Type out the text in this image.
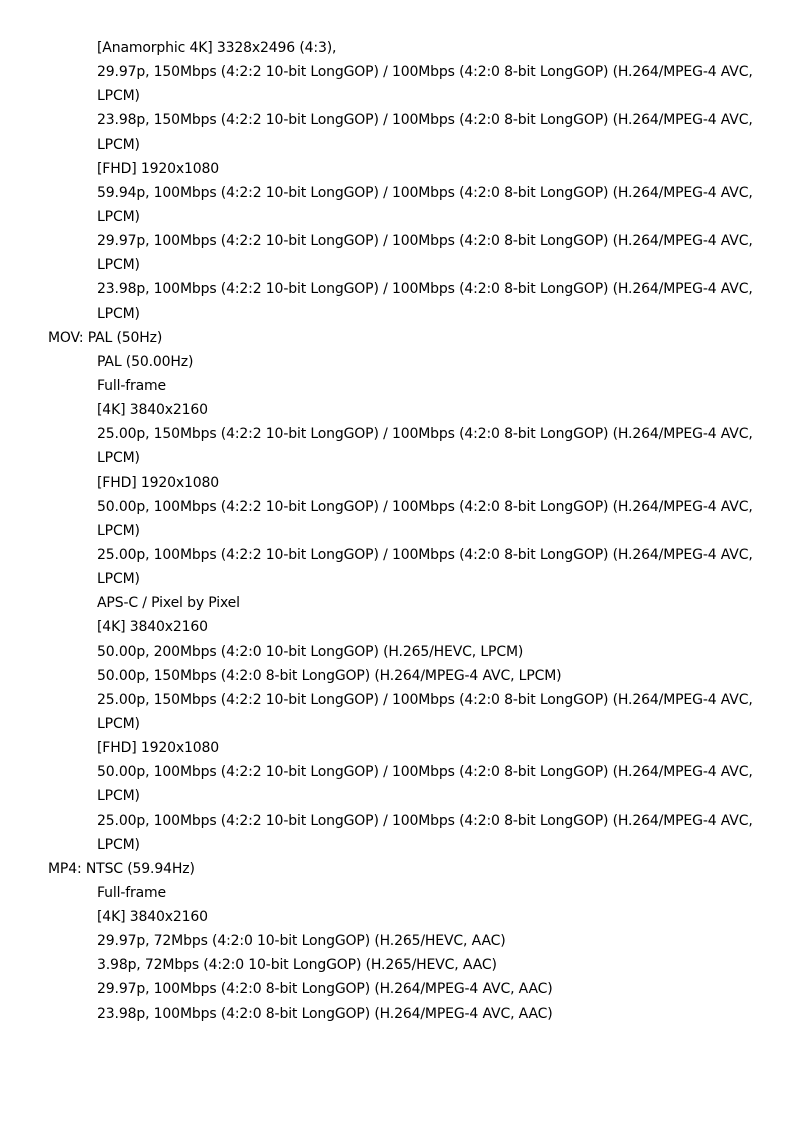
[Anamorphic 4K] 3328x2496 (4:3),
29.97p, 150Mbps (4:2:2 10-bit LongGOP) / 100Mbps (4:2:0 8-bit LongGOP) (H.264/MPEG-4 AVC,
LPCM)
23.98p, 150Mbps (4:2:2 10-bit LongGOP) / 100Mbps (4:2:0 8-bit LongGOP) (H.264/MPEG-4 AVC,
LPCM)
[FHD] 1920x1080
59.94p, 100Mbps (4:2:2 10-bit LongGOP) / 100Mbps (4:2:0 8-bit LongGOP) (H.264/MPEG-4 AVC,
LPCM)
29.97p, 100Mbps (4:2:2 10-bit LongGOP) / 100Mbps (4:2:0 8-bit LongGOP) (H.264/MPEG-4 AVC,
LPCM)
23.98p, 100Mbps (4:2:2 10-bit LongGOP) / 100Mbps (4:2:0 8-bit LongGOP) (H.264/MPEG-4 AVC,
LPCM)
MOV: PAL (50Hz)
PAL (50.00Hz)
Full-frame
[4K] 3840x2160
25.00p, 150Mbps (4:2:2 10-bit LongGOP) / 100Mbps (4:2:0 8-bit LongGOP) (H.264/MPEG-4 AVC,
LPCM)
[FHD] 1920x1080
50.00p, 100Mbps (4:2:2 10-bit LongGOP) / 100Mbps (4:2:0 8-bit LongGOP) (H.264/MPEG-4 AVC,
LPCM)
25.00p, 100Mbps (4:2:2 10-bit LongGOP) / 100Mbps (4:2:0 8-bit LongGOP) (H.264/MPEG-4 AVC,
LPCM)
APS-C / Pixel by Pixel
[4K] 3840x2160
50.00p, 200Mbps (4:2:0 10-bit LongGOP) (H.265/HEVC, LPCM)
50.00p, 150Mbps (4:2:0 8-bit LongGOP) (H.264/MPEG-4 AVC, LPCM)
25.00p, 150Mbps (4:2:2 10-bit LongGOP) / 100Mbps (4:2:0 8-bit LongGOP) (H.264/MPEG-4 AVC,
LPCM)
[FHD] 1920x1080
50.00p, 100Mbps (4:2:2 10-bit LongGOP) / 100Mbps (4:2:0 8-bit LongGOP) (H.264/MPEG-4 AVC,
LPCM)
25.00p, 100Mbps (4:2:2 10-bit LongGOP) / 100Mbps (4:2:0 8-bit LongGOP) (H.264/MPEG-4 AVC,
LPCM)
MP4: NTSC (59.94Hz)
Full-frame
[4K] 3840x2160
29.97p, 72Mbps (4:2:0 10-bit LongGOP) (H.265/HEVC, AAC)
3.98p, 72Mbps (4:2:0 10-bit LongGOP) (H.265/HEVC, AAC)
29.97p, 100Mbps (4:2:0 8-bit LongGOP) (H.264/MPEG-4 AVC, AAC)
23.98p, 100Mbps (4:2:0 8-bit LongGOP) (H.264/MPEG-4 AVC, AAC)
